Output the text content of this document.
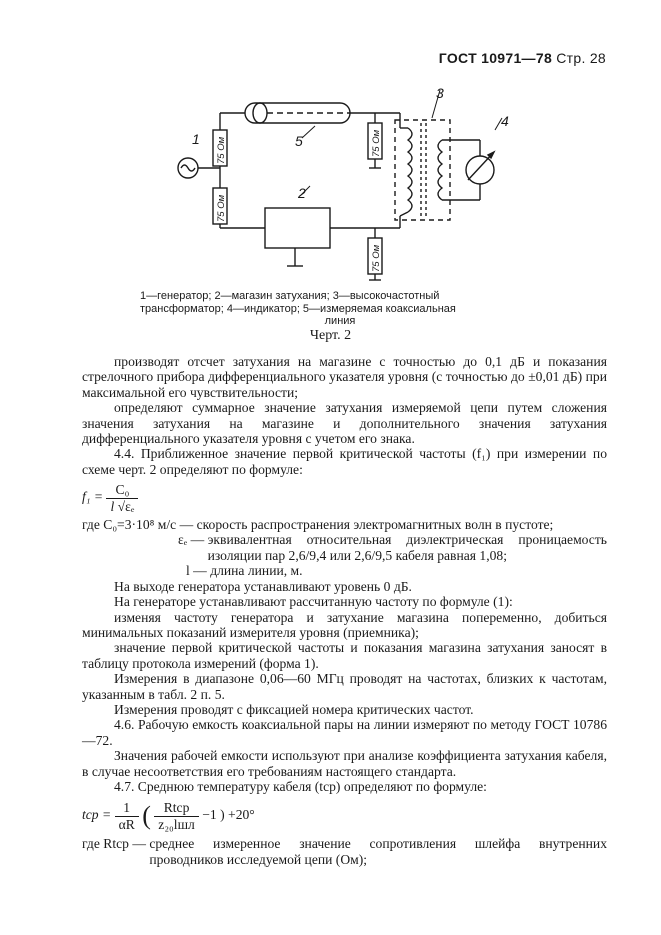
ГОСТ 10971—78 Стр. 28
1
2
3
4
5
75 Ом
75 Ом
75 Ом
75 Ом
1—генератор; 2—магазин затухания; 3—высокочастотный
трансформатор; 4—индикатор; 5—измеряемая коаксиальная
линия
Черт. 2

производят отсчет затухания на магазине с точностью до 0,1 дБ и показания стрелочного прибора дифференциального указателя уровня (с точностью до ±0,01 дБ) при максимальной его чувствительности;

определяют суммарное значение затухания измеряемой цепи путем сложения значения затухания на магазине и дополнительного значения затухания дифференциального указателя уровня с учетом его знака.

4.4. Приближенное значение первой критической частоты (f₁) при измерении по схеме черт. 2 определяют по формуле:

$f_1 = \frac{\text{C₀}}{\text{l √εₑ}}$

где C₀=3·10⁸ м/с —
скорость распространения электромагнитных волн в пустоте;
εₑ —
эквивалентная относительная диэлектрическая проницаемость изоляции пар 2,6/9,4 или 2,6/9,5 кабеля равная 1,08;
l —
длина линии, м.

На выходе генератора устанавливают уровень 0 дБ.

На генераторе устанавливают рассчитанную частоту по формуле (1):

изменяя частоту генератора и затухание магазина попеременно, добиться минимальных показаний измерителя уровня (приемника);

значение первой критической частоты и показания магазина затухания заносят в таблицу протокола измерений (форма 1).

Измерения в диапазоне 0,06—60 МГц проводят на частотах, близких к частотам, указанным в табл. 2 п. 5.

Измерения проводят с фиксацией номера критических частот.

4.6. Рабочую емкость коаксиальной пары на линии измеряют по методу ГОСТ 10786—72.

Значения рабочей емкости используют при анализе коэффициента затухания кабеля, в случае несоответствия его требованиям настоящего стандарта.

4.7. Среднюю температуру кабеля (tср) определяют по формуле:

tср = $\frac{1}{\alpha R}$ ( $\frac{\text{Rtср}}{\text{z₂₀lшл}} -1$ ) +20°

где Rtср —
среднее измеренное значение сопротивления шлейфа внутренних проводников исследуемой цепи (Ом);
